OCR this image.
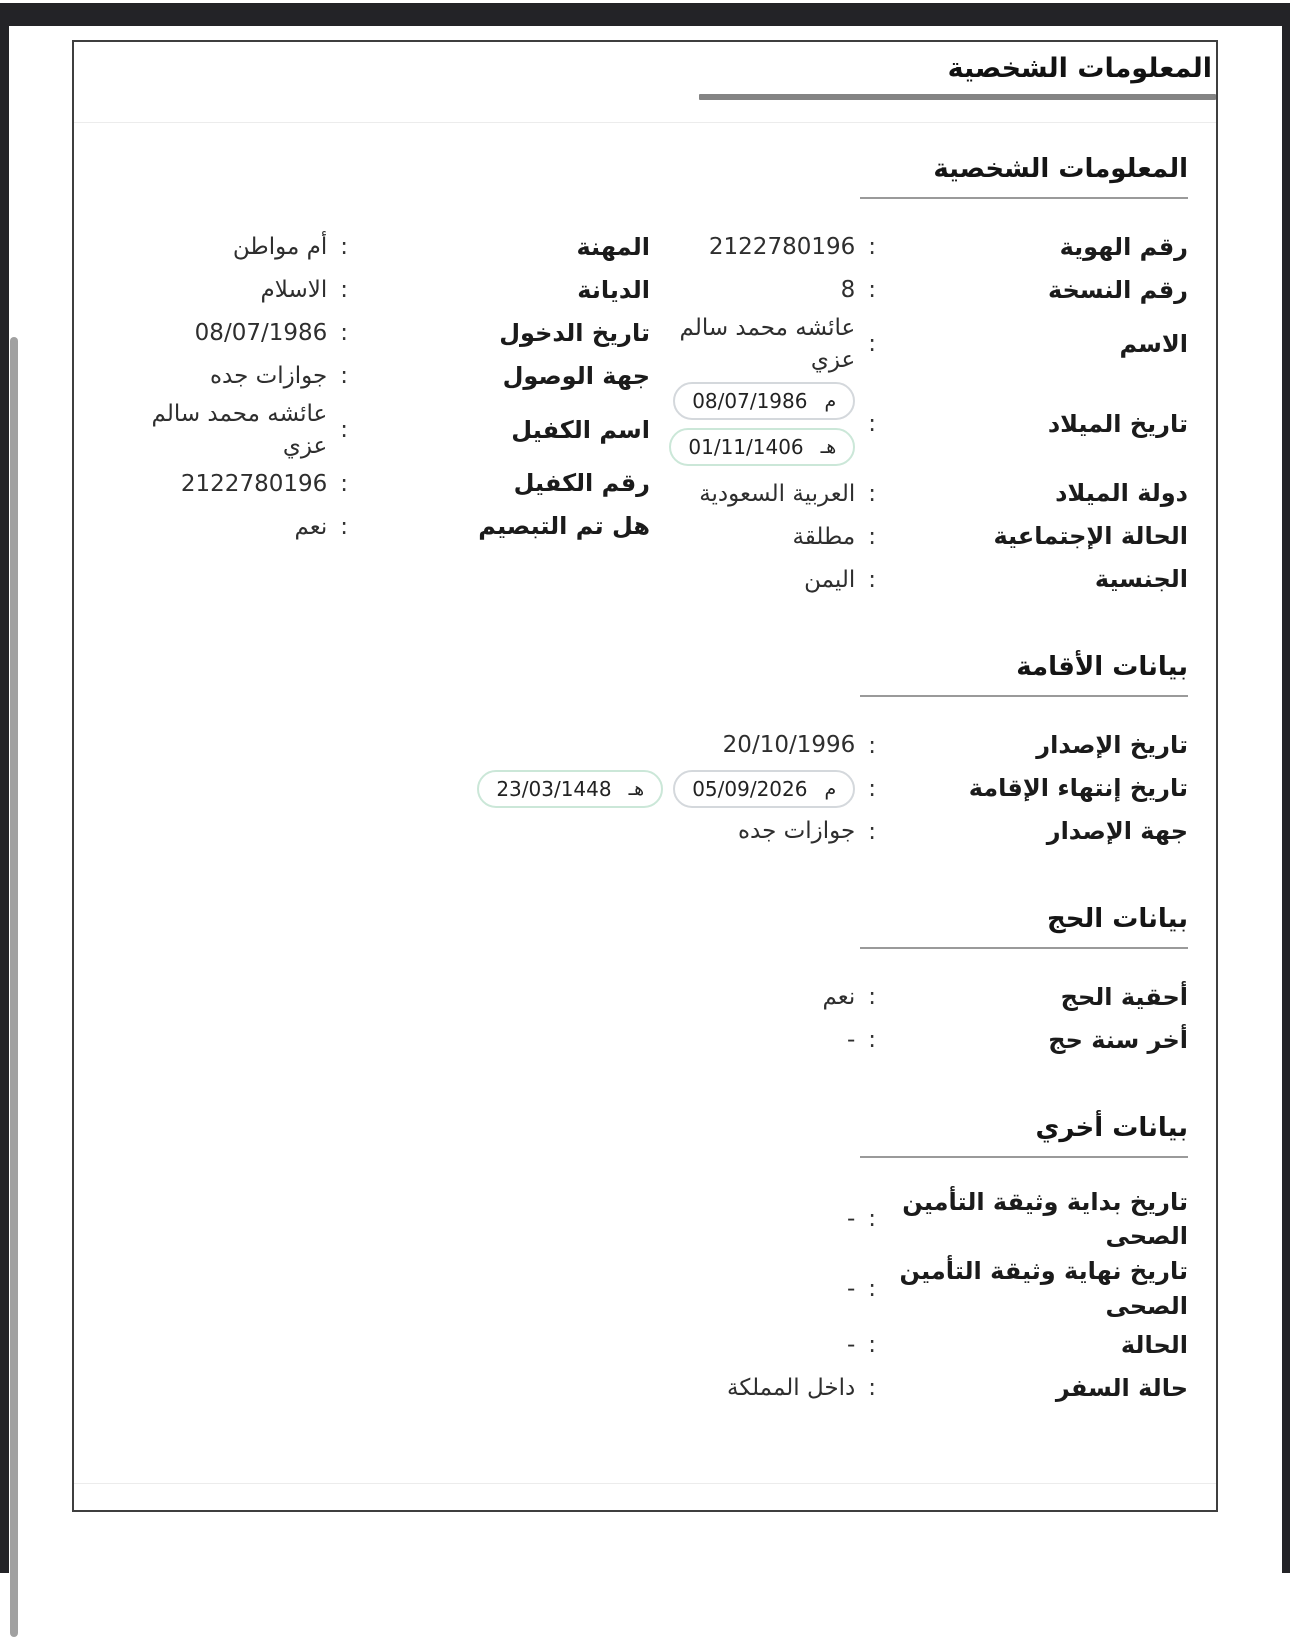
المعلومات الشخصية
المعلومات الشخصية
رقم الهوية
:
2122780196
رقم النسخة
:
8
الاسم
:
عائشه محمد سالم عزي
تاريخ الميلاد
:
م
08/07/1986
هـ
01/11/1406
دولة الميلاد
:
العربية السعودية
الحالة الإجتماعية
:
مطلقة
الجنسية
:
اليمن
المهنة
:
أم مواطن
الديانة
:
الاسلام
تاريخ الدخول
:
08/07/1986
جهة الوصول
:
جوازات جده
اسم الكفيل
:
عائشه محمد سالم عزي
رقم الكفيل
:
2122780196
هل تم التبصيم
:
نعم
بيانات الأقامة
تاريخ الإصدار
:
20/10/1996
تاريخ إنتهاء الإقامة
:
م
05/09/2026
هـ
23/03/1448
جهة الإصدار
:
جوازات جده
بيانات الحج
أحقية الحج
:
نعم
أخر سنة حج
:
-
بيانات أخري
تاريخ بداية وثيقة التأمين الصحى
:
-
تاريخ نهاية وثيقة التأمين الصحى
:
-
الحالة
:
-
حالة السفر
:
داخل المملكة
